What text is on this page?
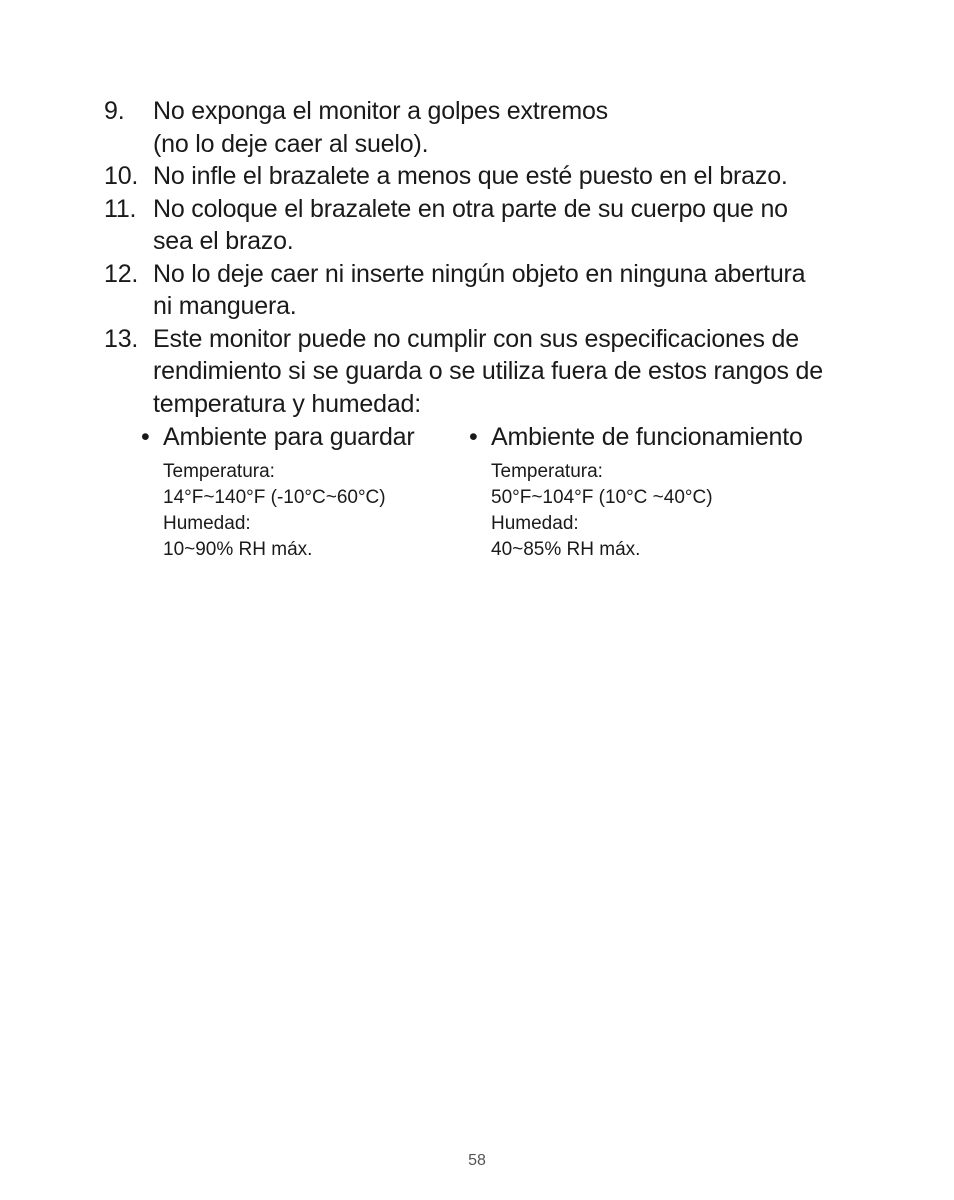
9.	No exponga el monitor a golpes extremos
(no lo deje caer al suelo).
10. No infle el brazalete a menos que esté puesto en el brazo.
11. No coloque el brazalete en otra parte de su cuerpo que no
sea el brazo.
12. No lo deje caer ni inserte ningún objeto en ninguna abertura
ni manguera.
13. Este monitor puede no cumplir con sus especificaciones de
rendimiento si se guarda o se utiliza fuera de estos rangos de
temperatura y humedad:
• Ambiente para guardar
Temperatura:
14°F~140°F (-10°C~60°C)
Humedad:
10~90% RH máx.
• Ambiente de funcionamiento
Temperatura:
50°F~104°F (10°C ~40°C)
Humedad:
40~85% RH máx.
58
